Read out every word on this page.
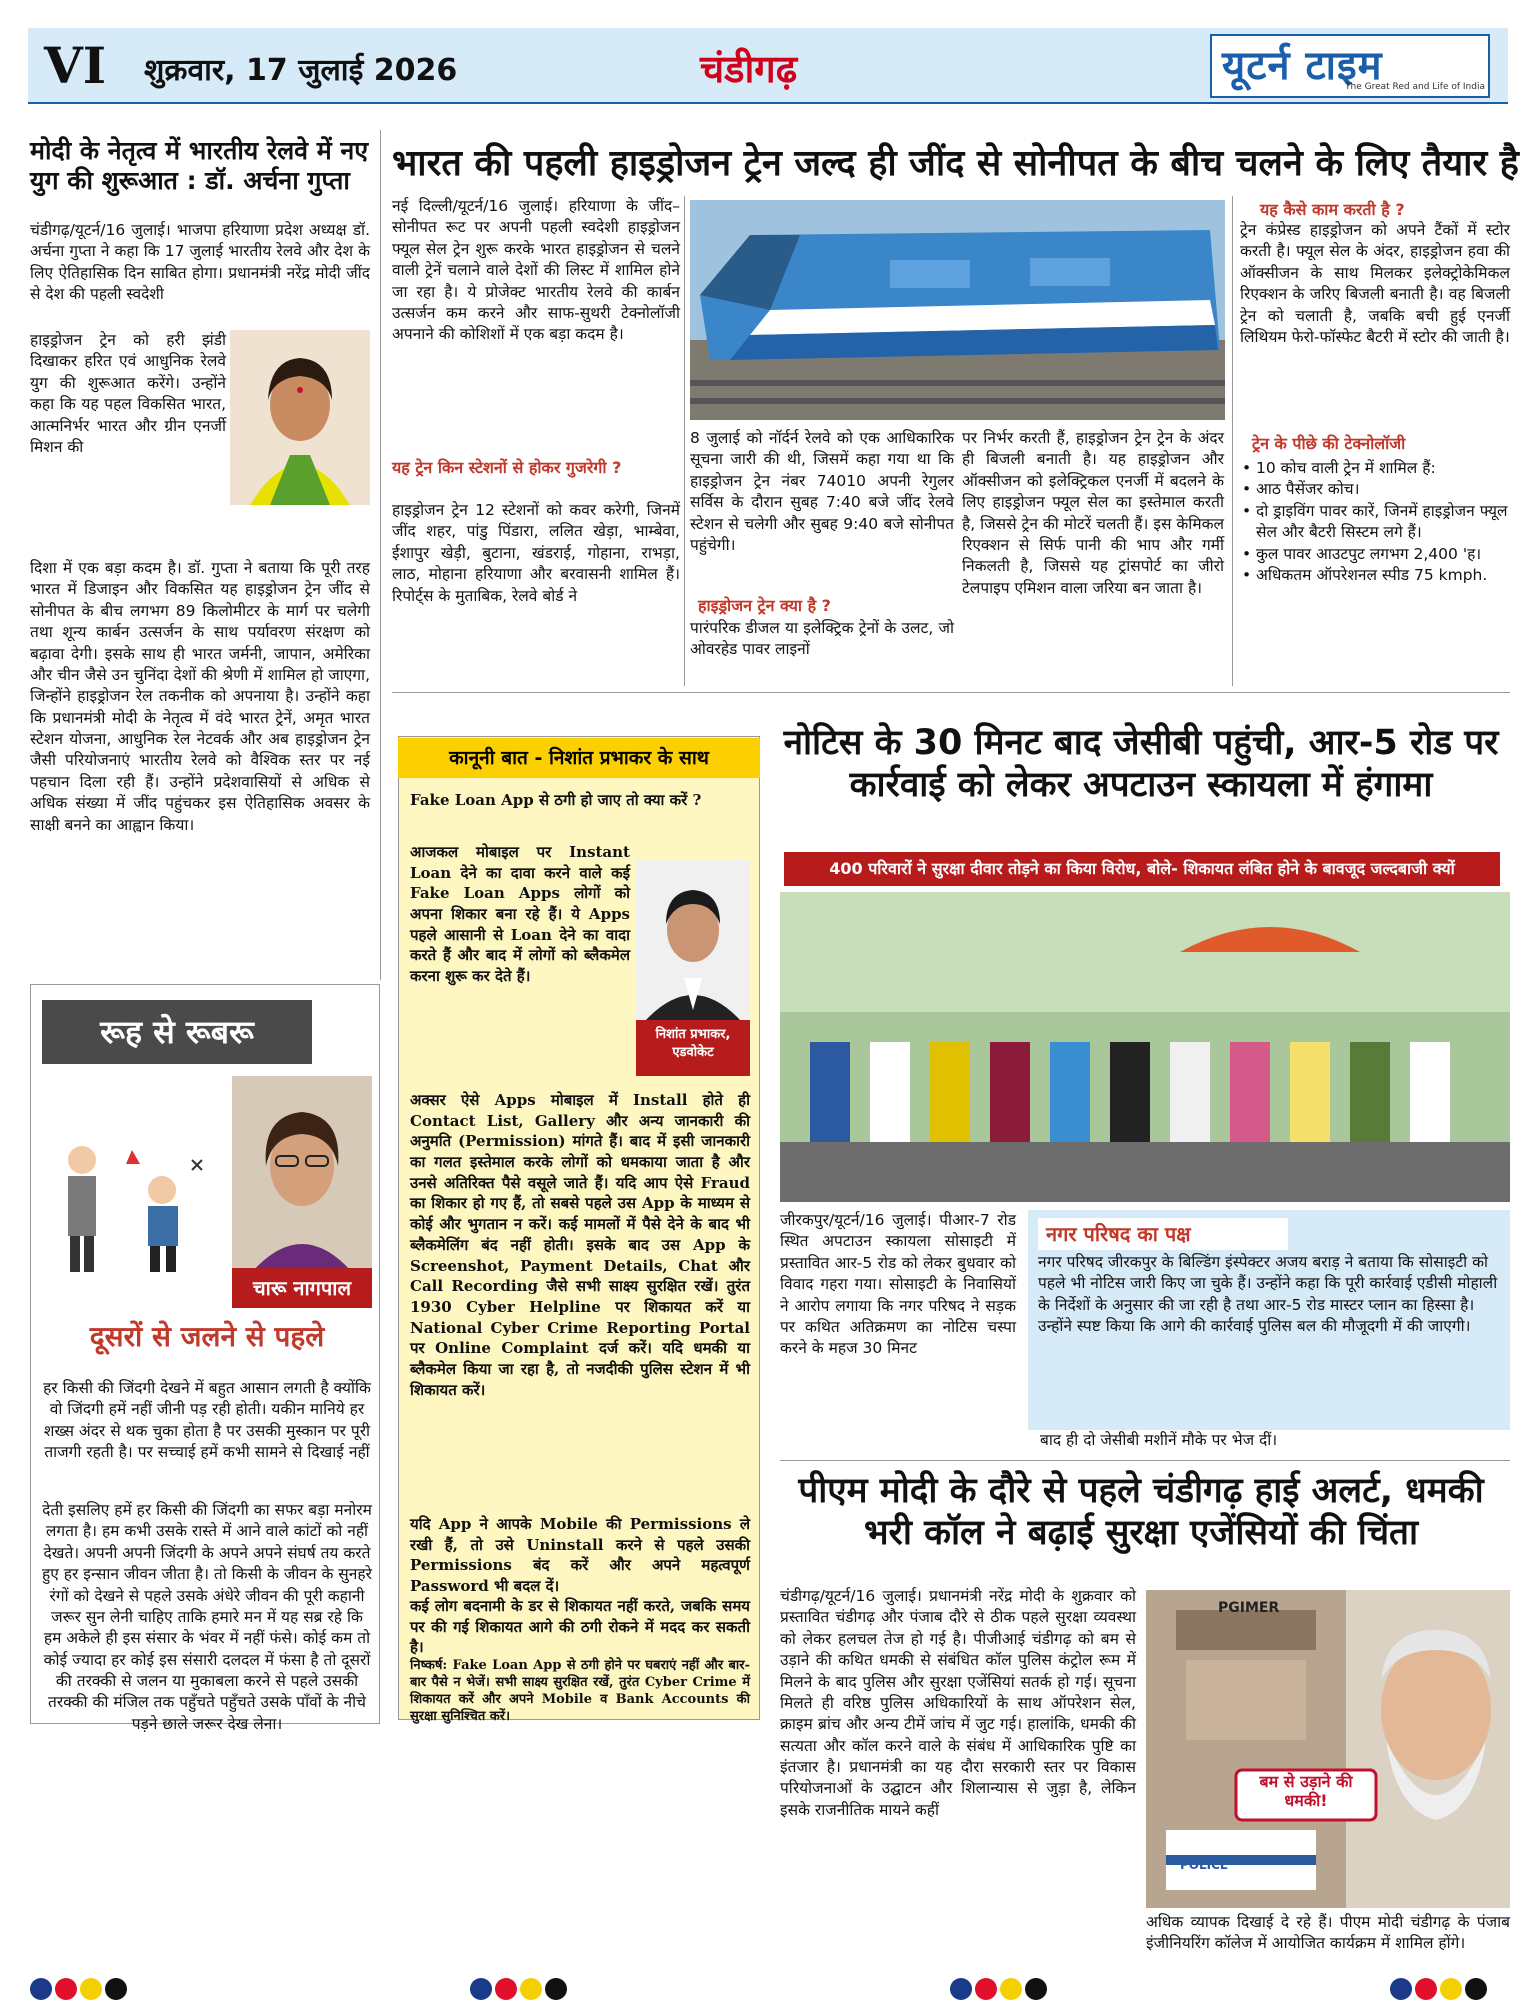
VI शुक्रवार, 17 जुलाई 2026	चंडीगढ़	यूटर्न टाइम
The Great Red and Life of India
मोदी के नेतृत्व में भारतीय रेलवे में नए युग की शुरूआत : डॉ. अर्चना गुप्ता
चंडीगढ़/यूटर्न/16 जुलाई। भाजपा हरियाणा प्रदेश अध्यक्ष डॉ. अर्चना गुप्ता ने कहा कि 17 जुलाई भारतीय रेलवे और देश के लिए ऐतिहासिक दिन साबित होगा। प्रधानमंत्री नरेंद्र मोदी जींद से देश की पहली स्वदेशी
हाइड्रोजन ट्रेन को हरी झंडी दिखाकर हरित एवं आधुनिक रेलवे युग की शुरूआत करेंगे। उन्होंने कहा कि यह पहल विकसित भारत, आत्मनिर्भर भारत और ग्रीन एनर्जी मिशन की
दिशा में एक बड़ा कदम है। डॉ. गुप्ता ने बताया कि पूरी तरह भारत में डिजाइन और विकसित यह हाइड्रोजन ट्रेन जींद से सोनीपत के बीच लगभग 89 किलोमीटर के मार्ग पर चलेगी तथा शून्य कार्बन उत्सर्जन के साथ पर्यावरण संरक्षण को बढ़ावा देगी। इसके साथ ही भारत जर्मनी, जापान, अमेरिका और चीन जैसे उन चुनिंदा देशों की श्रेणी में शामिल हो जाएगा, जिन्होंने हाइड्रोजन रेल तकनीक को अपनाया है। उन्होंने कहा कि प्रधानमंत्री मोदी के नेतृत्व में वंदे भारत ट्रेनें, अमृत भारत स्टेशन योजना, आधुनिक रेल नेटवर्क और अब हाइड्रोजन ट्रेन जैसी परियोजनाएं भारतीय रेलवे को वैश्विक स्तर पर नई पहचान दिला रही हैं। उन्होंने प्रदेशवासियों से अधिक से अधिक संख्या में जींद पहुंचकर इस ऐतिहासिक अवसर के साक्षी बनने का आह्वान किया।
भारत की पहली हाइड्रोजन ट्रेन जल्द ही जींद से सोनीपत के बीच चलने के लिए तैयार है
नई दिल्ली/यूटर्न/16 जुलाई। हरियाणा के जींद–सोनीपत रूट पर अपनी पहली स्वदेशी हाइड्रोजन फ्यूल सेल ट्रेन शुरू करके भारत हाइड्रोजन से चलने वाली ट्रेनें चलाने वाले देशों की लिस्ट में शामिल होने जा रहा है। ये प्रोजेक्ट भारतीय रेलवे की कार्बन उत्सर्जन कम करने और साफ-सुथरी टेक्नोलॉजी अपनाने की कोशिशों में एक बड़ा कदम है।
यह ट्रेन किन स्टेशनों से होकर गुजरेगी ?
हाइड्रोजन ट्रेन 12 स्टेशनों को कवर करेगी, जिनमें जींद शहर, पांडु पिंडारा, ललित खेड़ा, भाम्बेवा, ईशापुर खेड़ी, बुटाना, खंडराई, गोहाना, राभड़ा, लाठ, मोहाना हरियाणा और बरवासनी शामिल हैं। रिपोर्ट्स के मुताबिक, रेलवे बोर्ड ने
8 जुलाई को नॉर्दर्न रेलवे को एक आधिकारिक सूचना जारी की थी, जिसमें कहा गया था कि हाइड्रोजन ट्रेन नंबर 74010 अपनी रेगुलर सर्विस के दौरान सुबह 7:40 बजे जींद रेलवे स्टेशन से चलेगी और सुबह 9:40 बजे सोनीपत पहुंचेगी।
हाइड्रोजन ट्रेन क्या है ?
पारंपरिक डीजल या इलेक्ट्रिक ट्रेनों के उलट, जो ओवरहेड पावर लाइनों
पर निर्भर करती हैं, हाइड्रोजन ट्रेन ट्रेन के अंदर ही बिजली बनाती है। यह हाइड्रोजन और ऑक्सीजन को इलेक्ट्रिकल एनर्जी में बदलने के लिए हाइड्रोजन फ्यूल सेल का इस्तेमाल करती है, जिससे ट्रेन की मोटरें चलती हैं। इस केमिकल रिएक्शन से सिर्फ पानी की भाप और गर्मी निकलती है, जिससे यह ट्रांसपोर्ट का जीरो टेलपाइप एमिशन वाला जरिया बन जाता है।
यह कैसे काम करती है ?
ट्रेन कंप्रेस्ड हाइड्रोजन को अपने टैंकों में स्टोर करती है। फ्यूल सेल के अंदर, हाइड्रोजन हवा की ऑक्सीजन के साथ मिलकर इलेक्ट्रोकेमिकल रिएक्शन के जरिए बिजली बनाती है। वह बिजली ट्रेन को चलाती है, जबकि बची हुई एनर्जी लिथियम फेरो-फॉस्फेट बैटरी में स्टोर की जाती है।
ट्रेन के पीछे की टेक्नोलॉजी
• 10 कोच वाली ट्रेन में शामिल हैं:
• आठ पैसेंजर कोच।
• दो ड्राइविंग पावर कारें, जिनमें हाइड्रोजन फ्यूल सेल और बैटरी सिस्टम लगे हैं।
• कुल पावर आउटपुट लगभग 2,400 'ह।
• अधिकतम ऑपरेशनल स्पीड 75 kmph.
रूह से रूबरू
चारू नागपाल
दूसरों से जलने से पहले
हर किसी की जिंदगी देखने में बहुत आसान लगती है क्योंकि वो जिंदगी हमें नहीं जीनी पड़ रही होती। यकीन मानिये हर शख्स अंदर से थक चुका होता है पर उसकी मुस्कान पर पूरी ताजगी रहती है। पर सच्चाई हमें कभी सामने से दिखाई नहीं
देती इसलिए हमें हर किसी की जिंदगी का सफर बड़ा मनोरम लगता है। हम कभी उसके रास्ते में आने वाले कांटों को नहीं देखते। अपनी अपनी जिंदगी के अपने अपने संघर्ष तय करते हुए हर इन्सान जीवन जीता है। तो किसी के जीवन के सुनहरे रंगों को देखने से पहले उसके अंधेरे जीवन की पूरी कहानी जरूर सुन लेनी चाहिए ताकि हमारे मन में यह सब्र रहे कि हम अकेले ही इस संसार के भंवर में नहीं फंसे। कोई कम तो कोई ज्यादा हर कोई इस संसारी दलदल में फंसा है तो दूसरों की तरक्की से जलन या मुकाबला करने से पहले उसकी तरक्की की मंजिल तक पहुँचते पहुँचते उसके पाँवों के नीचे पड़ने छाले जरूर देख लेना।
कानूनी बात - निशांत प्रभाकर के साथ
Fake Loan App से ठगी हो जाए तो क्या करें ?
आजकल मोबाइल पर Instant Loan देने का दावा करने वाले कई Fake Loan Apps लोगों को अपना शिकार बना रहे हैं। ये Apps पहले आसानी से Loan देने का वादा करते हैं और बाद में लोगों को ब्लैकमेल करना शुरू कर देते हैं।
निशांत प्रभाकर, एडवोकेट
अक्सर ऐसे Apps मोबाइल में Install होते ही Contact List, Gallery और अन्य जानकारी की अनुमति (Permission) मांगते हैं। बाद में इसी जानकारी का गलत इस्तेमाल करके लोगों को धमकाया जाता है और उनसे अतिरिक्त पैसे वसूले जाते हैं। यदि आप ऐसे Fraud का शिकार हो गए हैं, तो सबसे पहले उस App के माध्यम से कोई और भुगतान न करें। कई मामलों में पैसे देने के बाद भी ब्लैकमेलिंग बंद नहीं होती। इसके बाद उस App के Screenshot, Payment Details, Chat और Call Recording जैसे सभी साक्ष्य सुरक्षित रखें। तुरंत 1930 Cyber Helpline पर शिकायत करें या National Cyber Crime Reporting Portal पर Online Complaint दर्ज करें। यदि धमकी या ब्लैकमेल किया जा रहा है, तो नजदीकी पुलिस स्टेशन में भी शिकायत करें।
यदि App ने आपके Mobile की Permissions ले रखी हैं, तो उसे Uninstall करने से पहले उसकी Permissions बंद करें और अपने महत्वपूर्ण Password भी बदल दें।
कई लोग बदनामी के डर से शिकायत नहीं करते, जबकि समय पर की गई शिकायत आगे की ठगी रोकने में मदद कर सकती है।
निष्कर्ष: Fake Loan App से ठगी होने पर घबराएं नहीं और बार-बार पैसे न भेजें। सभी साक्ष्य सुरक्षित रखें, तुरंत Cyber Crime में शिकायत करें और अपने Mobile व Bank Accounts की सुरक्षा सुनिश्चित करें।
नोटिस के 30 मिनट बाद जेसीबी पहुंची, आर-5 रोड पर कार्रवाई को लेकर अपटाउन स्कायला में हंगामा
400 परिवारों ने सुरक्षा दीवार तोड़ने का किया विरोध, बोले- शिकायत लंबित होने के बावजूद जल्दबाजी क्यों
जीरकपुर/यूटर्न/16 जुलाई। पीआर-7 रोड स्थित अपटाउन स्कायला सोसाइटी में प्रस्तावित आर-5 रोड को लेकर बुधवार को विवाद गहरा गया। सोसाइटी के निवासियों ने आरोप लगाया कि नगर परिषद ने सड़क पर कथित अतिक्रमण का नोटिस चस्पा करने के महज 30 मिनट
नगर परिषद का पक्ष
नगर परिषद जीरकपुर के बिल्डिंग इंस्पेक्टर अजय बराड़ ने बताया कि सोसाइटी को पहले भी नोटिस जारी किए जा चुके हैं। उन्होंने कहा कि पूरी कार्रवाई एडीसी मोहाली के निर्देशों के अनुसार की जा रही है तथा आर-5 रोड मास्टर प्लान का हिस्सा है। उन्होंने स्पष्ट किया कि आगे की कार्रवाई पुलिस बल की मौजूदगी में की जाएगी।
बाद ही दो जेसीबी मशीनें मौके पर भेज दीं।
पीएम मोदी के दौरे से पहले चंडीगढ़ हाई अलर्ट, धमकी भरी कॉल ने बढ़ाई सुरक्षा एजेंसियों की चिंता
चंडीगढ़/यूटर्न/16 जुलाई। प्रधानमंत्री नरेंद्र मोदी के शुक्रवार को प्रस्तावित चंडीगढ़ और पंजाब दौरे से ठीक पहले सुरक्षा व्यवस्था को लेकर हलचल तेज हो गई है। पीजीआई चंडीगढ़ को बम से उड़ाने की कथित धमकी से संबंधित कॉल पुलिस कंट्रोल रूम में मिलने के बाद पुलिस और सुरक्षा एजेंसियां सतर्क हो गई। सूचना मिलते ही वरिष्ठ पुलिस अधिकारियों के साथ ऑपरेशन सेल, क्राइम ब्रांच और अन्य टीमें जांच में जुट गई। हालांकि, धमकी की सत्यता और कॉल करने वाले के संबंध में आधिकारिक पुष्टि का इंतजार है। प्रधानमंत्री का यह दौरा सरकारी स्तर पर विकास परियोजनाओं के उद्घाटन और शिलान्यास से जुड़ा है, लेकिन इसके राजनीतिक मायने कहीं
PGIMER
बम से उड़ाने की धमकी!
POLICE
अधिक व्यापक दिखाई दे रहे हैं। पीएम मोदी चंडीगढ़ के पंजाब इंजीनियरिंग कॉलेज में आयोजित कार्यक्रम में शामिल होंगे।
